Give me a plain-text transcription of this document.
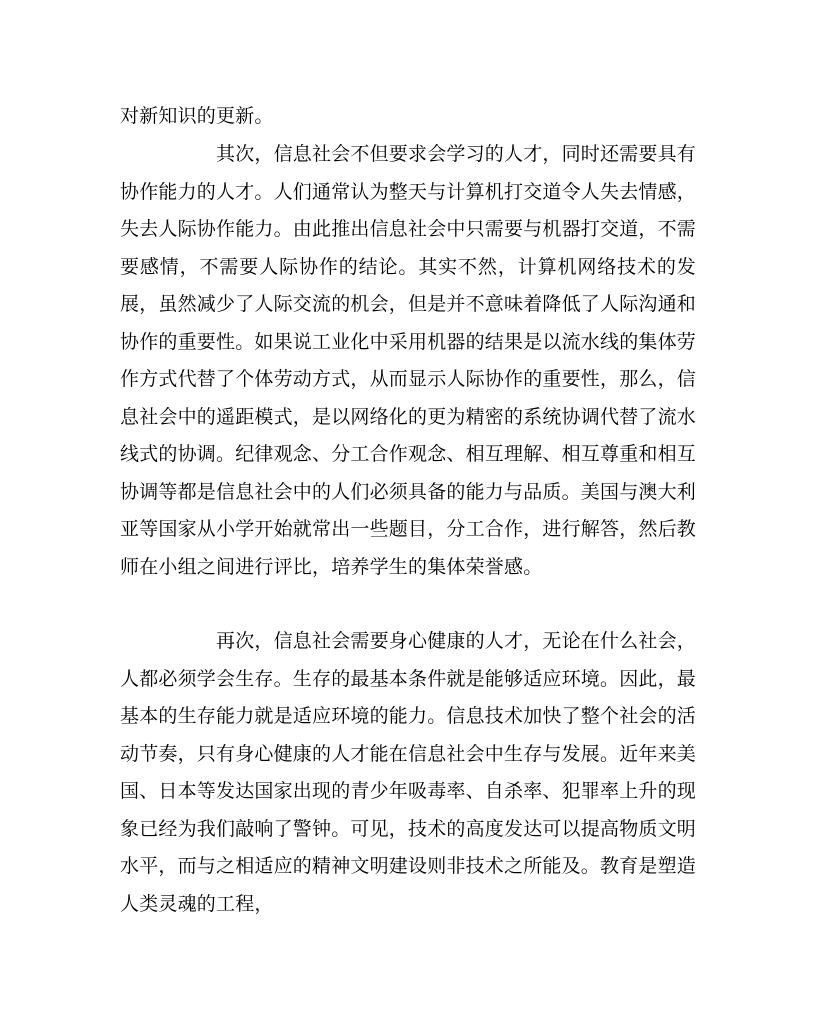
对新知识的更新。

其次，信息社会不但要求会学习的人才，同时还需要具有协作能力的人才。人们通常认为整天与计算机打交道令人失去情感，失去人际协作能力。由此推出信息社会中只需要与机器打交道，不需要感情，不需要人际协作的结论。其实不然，计算机网络技术的发展，虽然减少了人际交流的机会，但是并不意味着降低了人际沟通和协作的重要性。如果说工业化中采用机器的结果是以流水线的集体劳作方式代替了个体劳动方式，从而显示人际协作的重要性，那么，信息社会中的遥距模式，是以网络化的更为精密的系统协调代替了流水线式的协调。纪律观念、分工合作观念、相互理解、相互尊重和相互协调等都是信息社会中的人们必须具备的能力与品质。美国与澳大利亚等国家从小学开始就常出一些题目，分工合作，进行解答，然后教师在小组之间进行评比，培养学生的集体荣誉感。

再次，信息社会需要身心健康的人才，无论在什么社会，人都必须学会生存。生存的最基本条件就是能够适应环境。因此，最基本的生存能力就是适应环境的能力。信息技术加快了整个社会的活动节奏，只有身心健康的人才能在信息社会中生存与发展。近年来美国、日本等发达国家出现的青少年吸毒率、自杀率、犯罪率上升的现象已经为我们敲响了警钟。可见，技术的高度发达可以提高物质文明水平，而与之相适应的精神文明建设则非技术之所能及。教育是塑造人类灵魂的工程，
